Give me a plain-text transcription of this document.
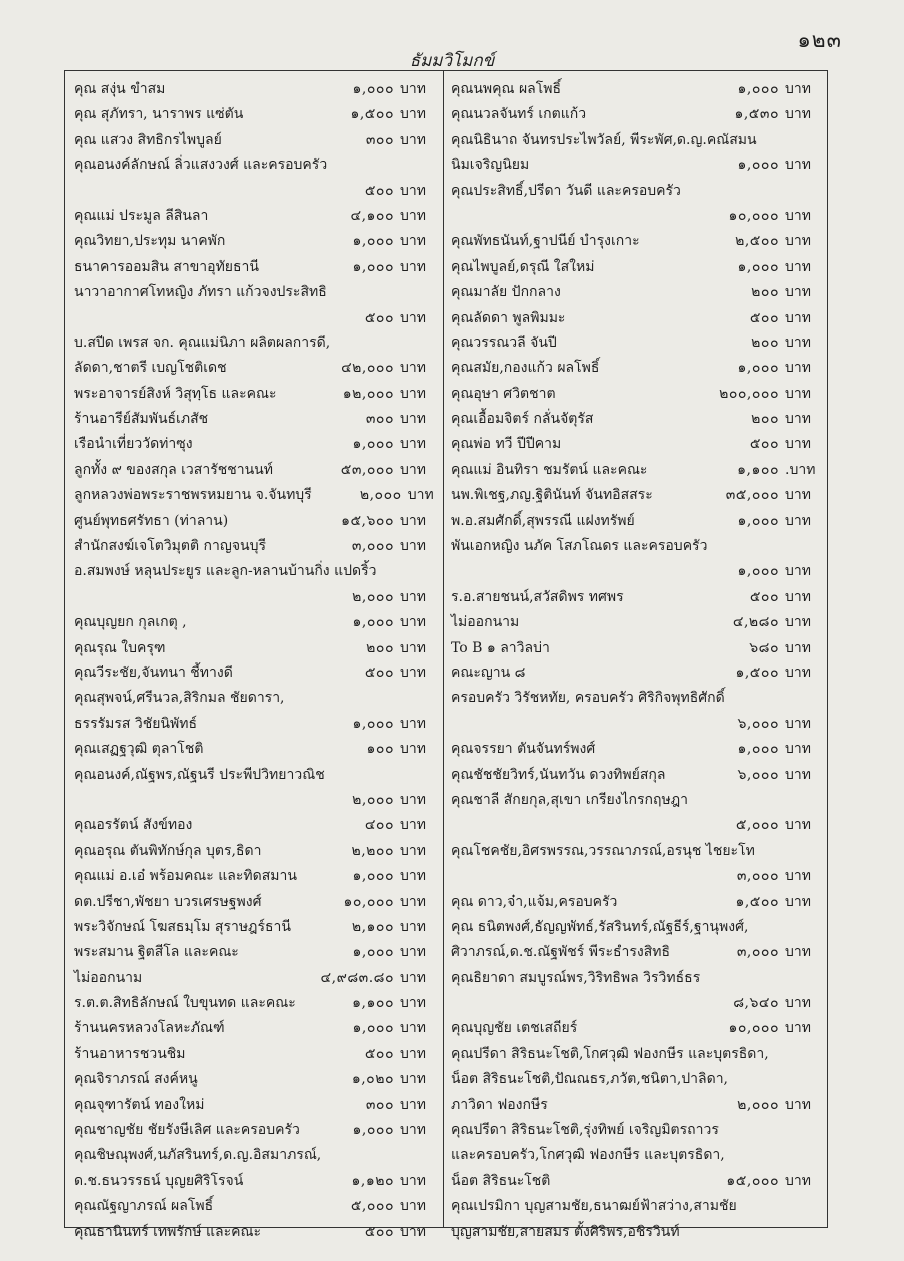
๑๒๓
ธัมมวิโมกข์
คุณ สงุ่น ขำสม	๑,๐๐๐ บาท
คุณ สุภัทรา, นาราพร แซ่ตัน	๑,๕๐๐ บาท
คุณ แสวง สิทธิกรไพบูลย์	๓๐๐ บาท
คุณอนงค์ลักษณ์ ลิ่วแสงวงศ์ และครอบครัว
๕๐๐ บาท
คุณแม่ ประมูล ลีสินลา	๔,๑๐๐ บาท
คุณวิทยา,ประทุม นาคพัก	๑,๐๐๐ บาท
ธนาคารออมสิน สาขาอุทัยธานี	๑,๐๐๐ บาท
นาวาอากาศโทหญิง ภัทรา แก้วจงประสิทธิ
๕๐๐ บาท
บ.สปีด เพรส จก. คุณแม่นิภา ผลิตผลการดี,
ลัดดา,ชาตรี เบญโชติเดช	๔๒,๐๐๐ บาท
พระอาจารย์สิงห์ วิสุทฺโธ และคณะ	๑๒,๐๐๐ บาท
ร้านอารีย์สัมพันธ์เภสัช	๓๐๐ บาท
เรือนำเที่ยววัดท่าซุง	๑,๐๐๐ บาท
ลูกทั้ง ๙ ของสกุล เวสารัชชานนท์	๕๓,๐๐๐ บาท
ลูกหลวงพ่อพระราชพรหมยาน จ.จันทบุรี	๒,๐๐๐ บาท
ศูนย์พุทธศรัทธา (ท่าลาน)	๑๕,๖๐๐ บาท
สำนักสงฆ์เจโตวิมุตติ กาญจนบุรี	๓,๐๐๐ บาท
อ.สมพงษ์ หลุนประยูร และลูก-หลานบ้านกิ่ง แปดริ้ว
๒,๐๐๐ บาท
คุณบุญยก กุลเกตุ ,	๑,๐๐๐ บาท
คุณรุณ ใบครุฑ	๒๐๐ บาท
คุณวีระชัย,จันทนา ชี้ทางดี	๕๐๐ บาท
คุณสุพจน์,ศรีนวล,สิริกมล ชัยดารา,
ธรรรัมรส วิชัยนิพัทธ์	๑,๐๐๐ บาท
คุณเสฏฐวุฒิ ตุลาโชติ	๑๐๐ บาท
คุณอนงค์,ณัฐพร,ณัฐนรี ประพีปวิทยาวณิช
๒,๐๐๐ บาท
คุณอรรัตน์ สังข์ทอง	๔๐๐ บาท
คุณอรุณ ตันพิทักษ์กุล บุตร,ธิดา	๒,๒๐๐ บาท
คุณแม่ อ.เอ๋ พร้อมคณะ และทิดสมาน	๑,๐๐๐ บาท
ดต.ปรีชา,พัชยา บวรเศรษฐพงศ์	๑๐,๐๐๐ บาท
พระวิจักษณ์ โฆสธมฺโม สุราษฎร์ธานี	๒,๑๐๐ บาท
พระสมาน ฐิตสีโล และคณะ	๑,๐๐๐ บาท
ไม่ออกนาม	๔,๙๘๓.๘๐ บาท
ร.ต.ต.สิทธิลักษณ์ ใบขุนทด และคณะ	๑,๑๐๐ บาท
ร้านนครหลวงโลหะภัณฑ์	๑,๐๐๐ บาท
ร้านอาหารชวนชิม	๕๐๐ บาท
คุณจิราภรณ์ สงค์หนู	๑,๐๒๐ บาท
คุณจุฑารัตน์ ทองใหม่	๓๐๐ บาท
คุณชาญชัย ชัยรังษีเลิศ และครอบครัว	๑,๐๐๐ บาท
คุณชิษณุพงศ์,นภัสรินทร์,ด.ญ.อิสมาภรณ์,
ด.ช.ธนวรรธน์ บุญยศิริโรจน์	๑,๑๒๐ บาท
คุณณัฐญาภรณ์ ผลโพธิ์	๕,๐๐๐ บาท
คุณธานินทร์ เทพรักษ์ และคณะ	๕๐๐ บาท
คุณนพคุณ ผลโพธิ์	๑,๐๐๐ บาท
คุณนวลจันทร์ เกตแก้ว	๑,๕๓๐ บาท
คุณนิธินาถ จันทรประไพวัลย์, พีระพัศ,ด.ญ.คณัสมน
นิมเจริญนิยม	๑,๐๐๐ บาท
คุณประสิทธิ์,ปรีดา วันดี และครอบครัว
๑๐,๐๐๐ บาท
คุณพัทธนันท์,ฐาปนีย์ บำรุงเกาะ	๒,๕๐๐ บาท
คุณไพบูลย์,ดรุณี ใสใหม่	๑,๐๐๐ บาท
คุณมาลัย ปักกลาง	๒๐๐ บาท
คุณลัดดา พูลพิมมะ	๕๐๐ บาท
คุณวรรณวลี จันปี	๒๐๐ บาท
คุณสมัย,กองแก้ว ผลโพธิ์	๑,๐๐๐ บาท
คุณอุษา ศวิตชาต	๒๐๐,๐๐๐ บาท
คุณเอื้อมจิตร์ กลั่นจัตุรัส	๒๐๐ บาท
คุณพ่อ ทวี ปีปีคาม	๕๐๐ บาท
คุณแม่ อินทิรา ชมรัตน์ และคณะ	๑,๑๐๐ .บาท
นพ.พิเชฐ,ภญ.ฐิตินันท์ จันทอิสสระ	๓๕,๐๐๐ บาท
พ.อ.สมศักดิ์,สุพรรณี แฝงทรัพย์	๑,๐๐๐ บาท
พันเอกหญิง นภัค โสภโณดร และครอบครัว
๑,๐๐๐ บาท
ร.อ.สายชนน์,สวัสดิพร ทศพร	๕๐๐ บาท
ไม่ออกนาม	๔,๒๘๐ บาท
To B ๑ ลาวิลบ่า	๖๘๐ บาท
คณะญาน ๘	๑,๕๐๐ บาท
ครอบครัว วิรัชหทัย, ครอบครัว ศิริกิจพุทธิศักดิ์
๖,๐๐๐ บาท
คุณจรรยา ตันจันทร์พงศ์	๑,๐๐๐ บาท
คุณชัชชัยวิทร์,นันทวัน ดวงทิพย์สกุล	๖,๐๐๐ บาท
คุณชาลี สักยกุล,สุเขา เกรียงไกรกฤษฎา
๕,๐๐๐ บาท
คุณโชคชัย,อิศรพรรณ,วรรณาภรณ์,อรนุช ไชยะโท
๓,๐๐๐ บาท
คุณ ดาว,จ๋า,แจ้ม,ครอบครัว	๑,๕๐๐ บาท
คุณ ธนิตพงศ์,ธัญญพัทธ์,รัสรินทร์,ณัฐธีร์,ฐานุพงศ์,
ศิวาภรณ์,ด.ช.ณัฐพัชร์ พีระธำรงสิทธิ	๓,๐๐๐ บาท
คุณธิยาดา สมบูรณ์พร,วิริทธิพล วิรวิทธ์ธร
๘,๖๔๐ บาท
คุณบุญชัย เตชเสถียร์	๑๐,๐๐๐ บาท
คุณปรีดา สิริธนะโชติ,โกศวุฒิ ฟองกษีร และบุตรธิดา,
น็อต สิริธนะโชติ,ปัณณธร,ภวัต,ชนิตา,ปาลิดา,
ภาวิดา ฟองกษีร	๒,๐๐๐ บาท
คุณปรีดา สิริธนะโชติ,รุ่งทิพย์ เจริญมิตรถาวร
และครอบครัว,โกศวุฒิ ฟองกษีร และบุตรธิดา,
น็อต สิริธนะโชติ	๑๕,๐๐๐ บาท
คุณเปรมิกา บุญสามชัย,ธนาฒย์ฟ้าสว่าง,สามชัย
บุญสามชัย,สายสมร ตั้งศิริพร,อชิรวินท์
